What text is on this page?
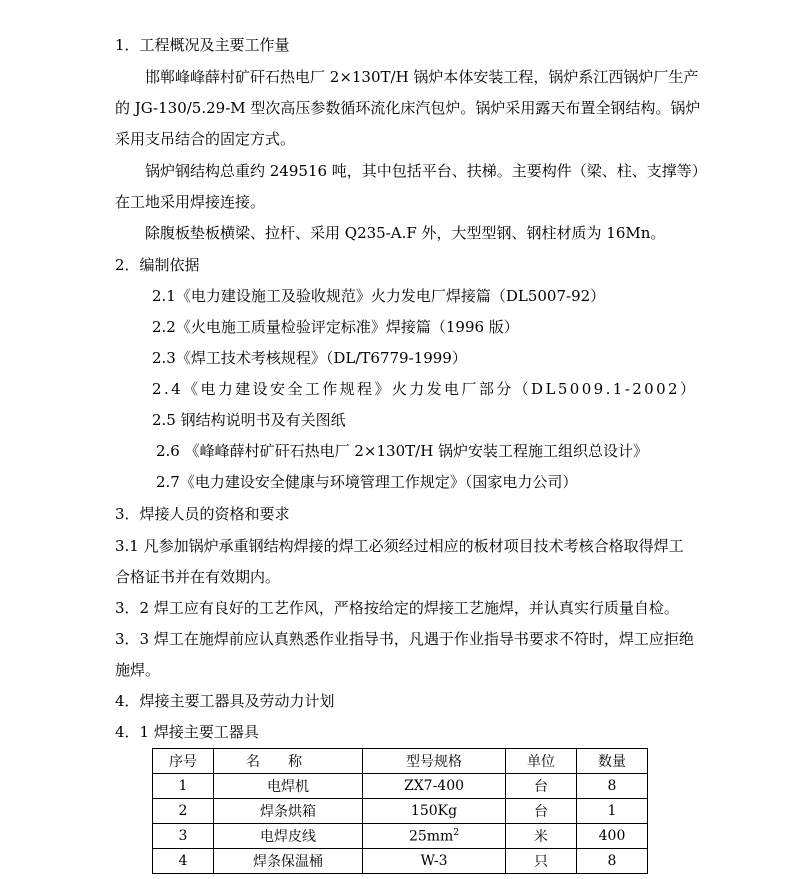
1．工程概况及主要工作量
邯郸峰峰薛村矿矸石热电厂 2×130T/H 锅炉本体安装工程，锅炉系江西锅炉厂生产
的 JG-130/5.29-M 型次高压参数循环流化床汽包炉。锅炉采用露天布置全钢结构。锅炉
采用支吊结合的固定方式。
锅炉钢结构总重约 249516 吨，其中包括平台、扶梯。主要构件（梁、柱、支撑等）
在工地采用焊接连接。
除腹板垫板横梁、拉杆、采用 Q235-A.F 外，大型型钢、钢柱材质为 16Mn。
2．编制依据
2.1《电力建设施工及验收规范》火力发电厂焊接篇（DL5007-92）
2.2《火电施工质量检验评定标准》焊接篇（1996 版）
2.3《焊工技术考核规程》（DL/T6779-1999）
2.4《电力建设安全工作规程》火力发电厂部分（DL5009.1-2002）
2.5 钢结构说明书及有关图纸
2.6 《峰峰薛村矿矸石热电厂 2×130T/H 锅炉安装工程施工组织总设计》
2.7《电力建设安全健康与环境管理工作规定》（国家电力公司）
3．焊接人员的资格和要求
3.1 凡参加锅炉承重钢结构焊接的焊工必须经过相应的板材项目技术考核合格取得焊工
合格证书并在有效期内。
3．2 焊工应有良好的工艺作风，严格按给定的焊接工艺施焊，并认真实行质量自检。
3．3 焊工在施焊前应认真熟悉作业指导书，凡遇于作业指导书要求不符时，焊工应拒绝
施焊。
4．焊接主要工器具及劳动力计划
4．1 焊接主要工器具
序号	名称	型号规格	单位	数量
1	电焊机	ZX7-400	台	8
2	焊条烘箱	150Kg	台	1
3	电焊皮线	$25mm^2$	米	400
4	焊条保温桶	W-3	只	8
